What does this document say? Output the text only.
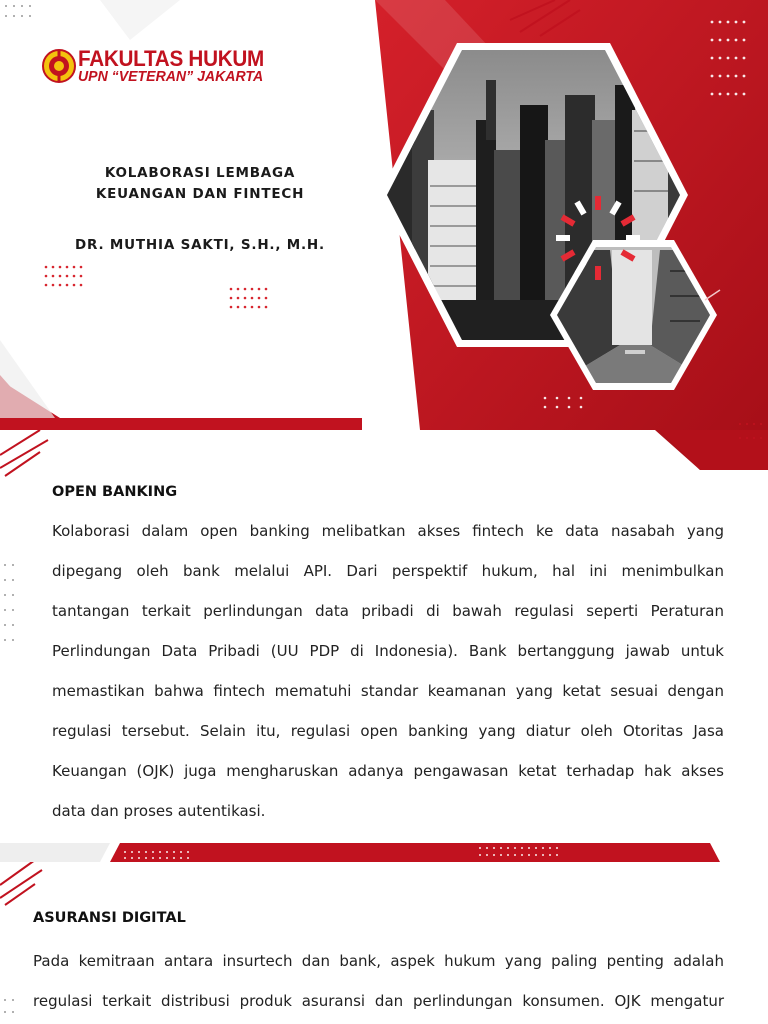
FAKULTAS HUKUM
UPN “VETERAN” JAKARTA
KOLABORASI LEMBAGA
KEUANGAN DAN FINTECH
DR. MUTHIA SAKTI, S.H., M.H.
OPEN BANKING
Kolaborasi dalam open banking melibatkan akses fintech ke data nasabah yang
dipegang oleh bank melalui API. Dari perspektif hukum, hal ini menimbulkan
tantangan terkait perlindungan data pribadi di bawah regulasi seperti Peraturan
Perlindungan Data Pribadi (UU PDP di Indonesia). Bank bertanggung jawab untuk
memastikan bahwa fintech mematuhi standar keamanan yang ketat sesuai dengan
regulasi tersebut. Selain itu, regulasi open banking yang diatur oleh Otoritas Jasa
Keuangan (OJK) juga mengharuskan adanya pengawasan ketat terhadap hak akses
data dan proses autentikasi.
ASURANSI DIGITAL
Pada kemitraan antara insurtech dan bank, aspek hukum yang paling penting adalah
regulasi terkait distribusi produk asuransi dan perlindungan konsumen. OJK mengatur
